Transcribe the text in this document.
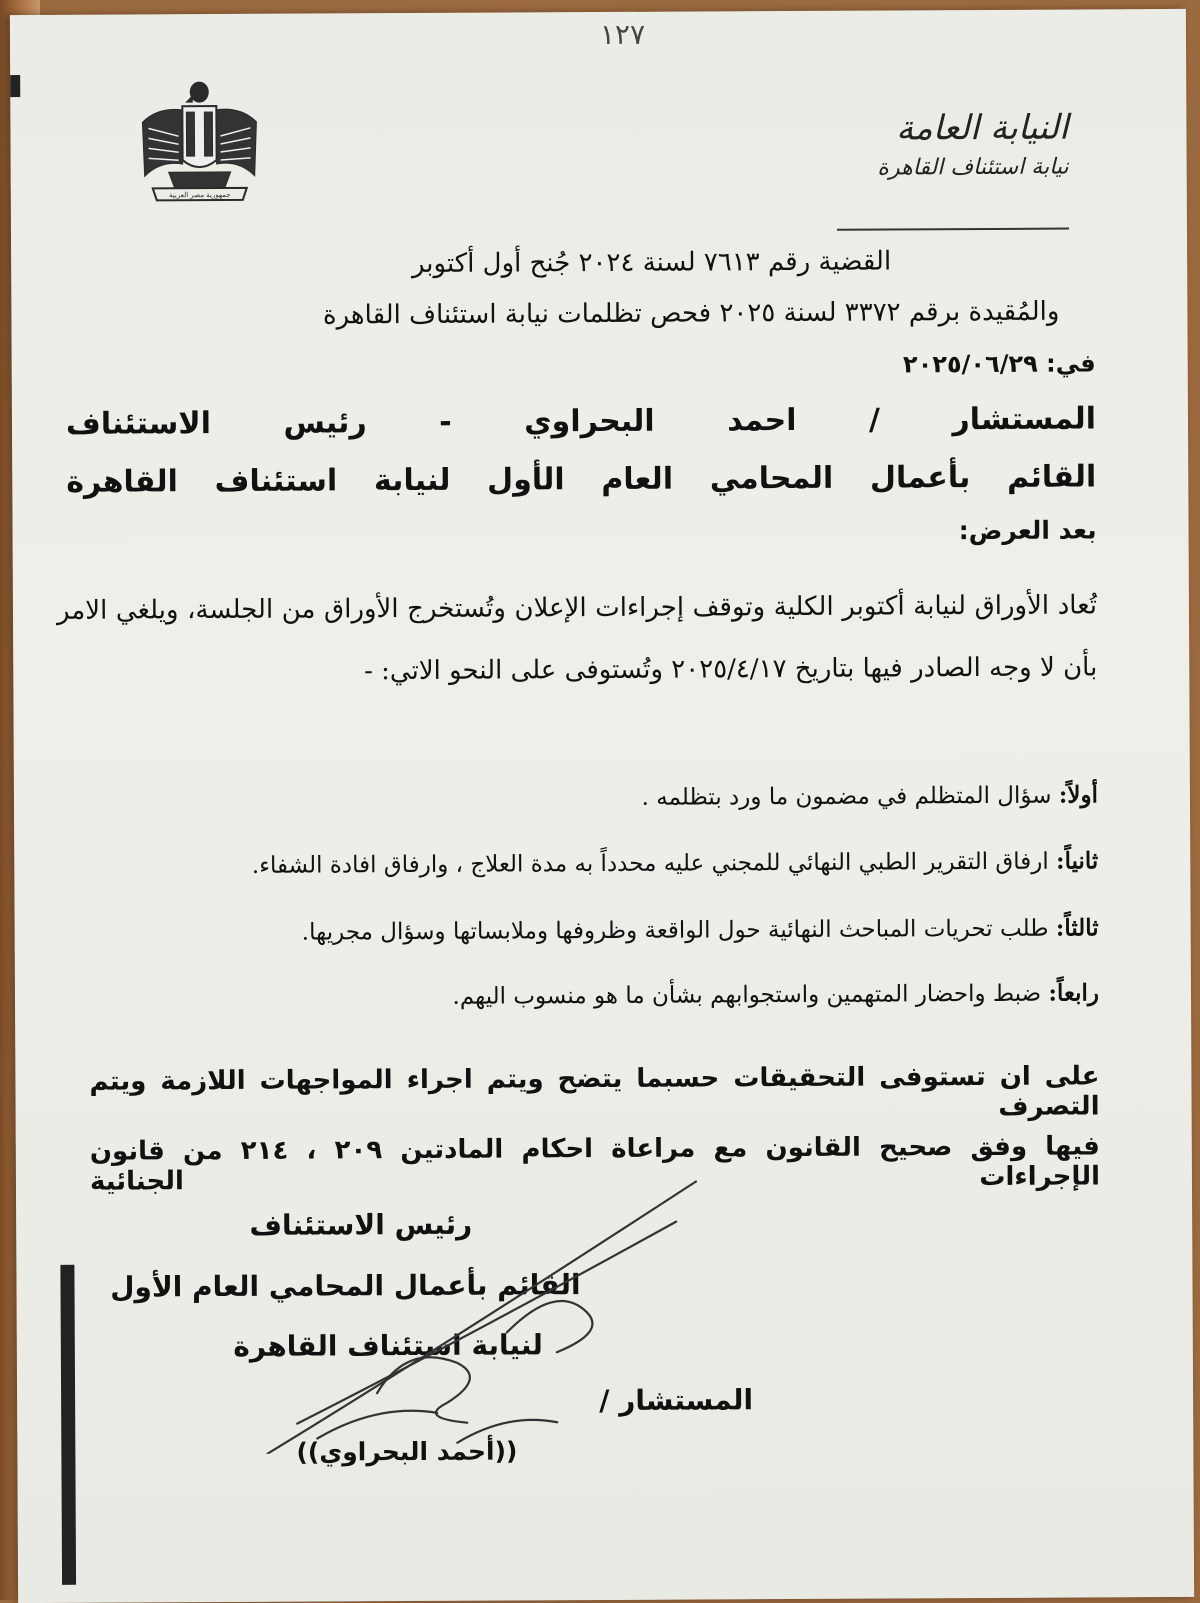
١٢٧
جمهورية مصر العربية
النيابة العامة
نيابة استئناف القاهرة
القضية رقم ٧٦١٣ لسنة ٢٠٢٤ جُنح أول أكتوبر
والمُقيدة برقم ٣٣٧٢ لسنة ٢٠٢٥ فحص تظلمات نيابة استئناف القاهرة
في: ٢٠٢٥/٠٦/٢٩
المستشار / احمد البحراوي - رئيس الاستئناف
القائم بأعمال المحامي العام الأول لنيابة استئناف القاهرة
بعد العرض:
تُعاد الأوراق لنيابة أكتوبر الكلية وتوقف إجراءات الإعلان وتُستخرج الأوراق من الجلسة، ويلغي الامر بأن لا وجه الصادر فيها بتاريخ ٢٠٢٥/٤/١٧ وتُستوفى على النحو الاتي: -
أولاً: سؤال المتظلم في مضمون ما ورد بتظلمه .
ثانياً: ارفاق التقرير الطبي النهائي للمجني عليه محدداً به مدة العلاج ، وارفاق افادة الشفاء.
ثالثاً: طلب تحريات المباحث النهائية حول الواقعة وظروفها وملابساتها وسؤال مجريها.
رابعاً: ضبط واحضار المتهمين واستجوابهم بشأن ما هو منسوب اليهم.
على ان تستوفى التحقيقات حسبما يتضح ويتم اجراء المواجهات اللازمة ويتم التصرف
فيها وفق صحيح القانون مع مراعاة احكام المادتين ٢٠٩ ، ٢١٤ من قانون الإجراءات الجنائية
رئيس الاستئناف
القائم بأعمال المحامي العام الأول
لنيابة استئناف القاهرة
المستشار /
((أحمد البحراوي))
